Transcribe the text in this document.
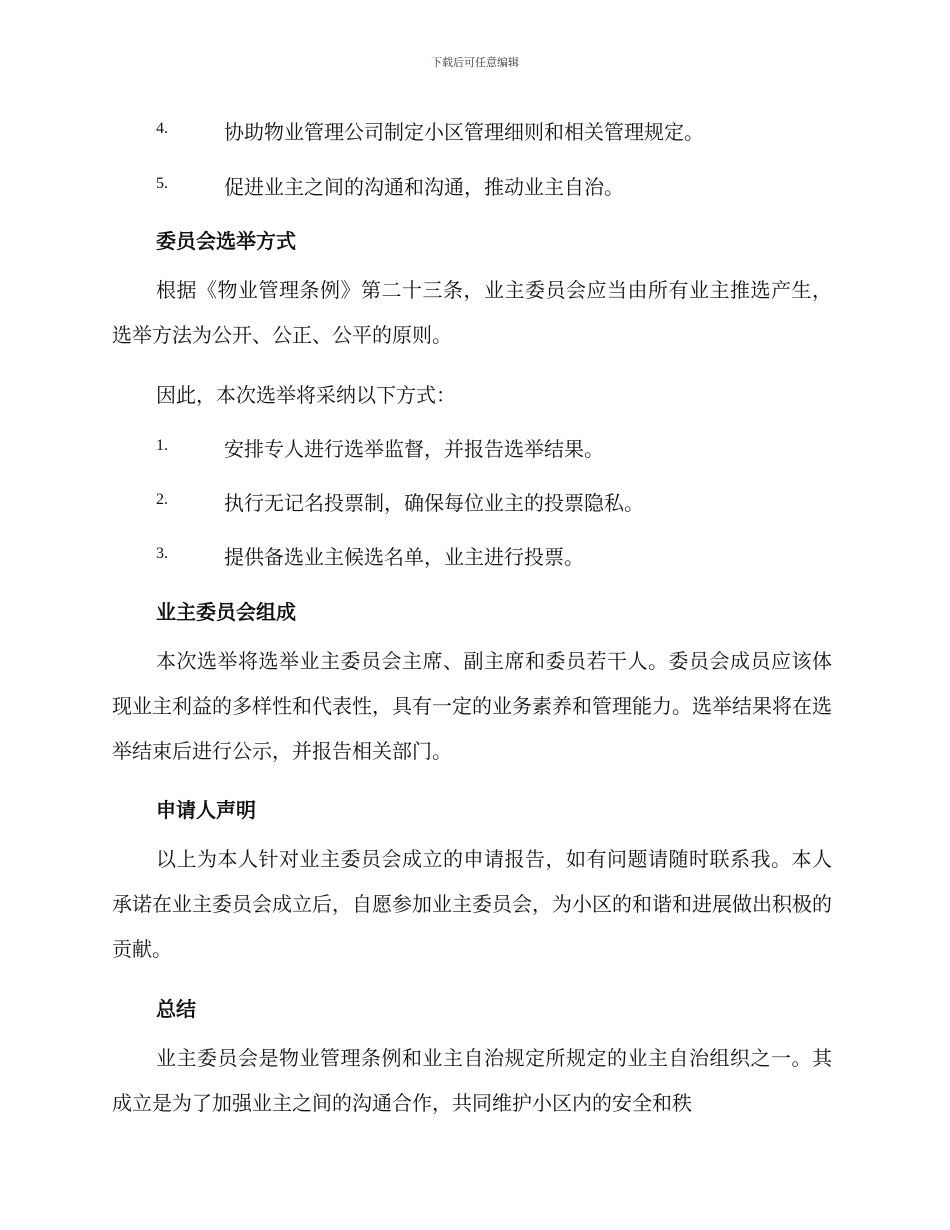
下载后可任意编辑
4.	协助物业管理公司制定小区管理细则和相关管理规定。
5.	促进业主之间的沟通和沟通，推动业主自治。
委员会选举方式

根据《物业管理条例》第二十三条，业主委员会应当由所有业主推选产生，选举方法为公开、公正、公平的原则。

因此，本次选举将采纳以下方式：
1.	安排专人进行选举监督，并报告选举结果。
2.	执行无记名投票制，确保每位业主的投票隐私。
3.	提供备选业主候选名单，业主进行投票。
业主委员会组成

本次选举将选举业主委员会主席、副主席和委员若干人。委员会成员应该体现业主利益的多样性和代表性，具有一定的业务素养和管理能力。选举结果将在选举结束后进行公示，并报告相关部门。

申请人声明

以上为本人针对业主委员会成立的申请报告，如有问题请随时联系我。本人承诺在业主委员会成立后，自愿参加业主委员会，为小区的和谐和进展做出积极的贡献。

总结

业主委员会是物业管理条例和业主自治规定所规定的业主自治组织之一。其成立是为了加强业主之间的沟通合作，共同维护小区内的安全和秩
